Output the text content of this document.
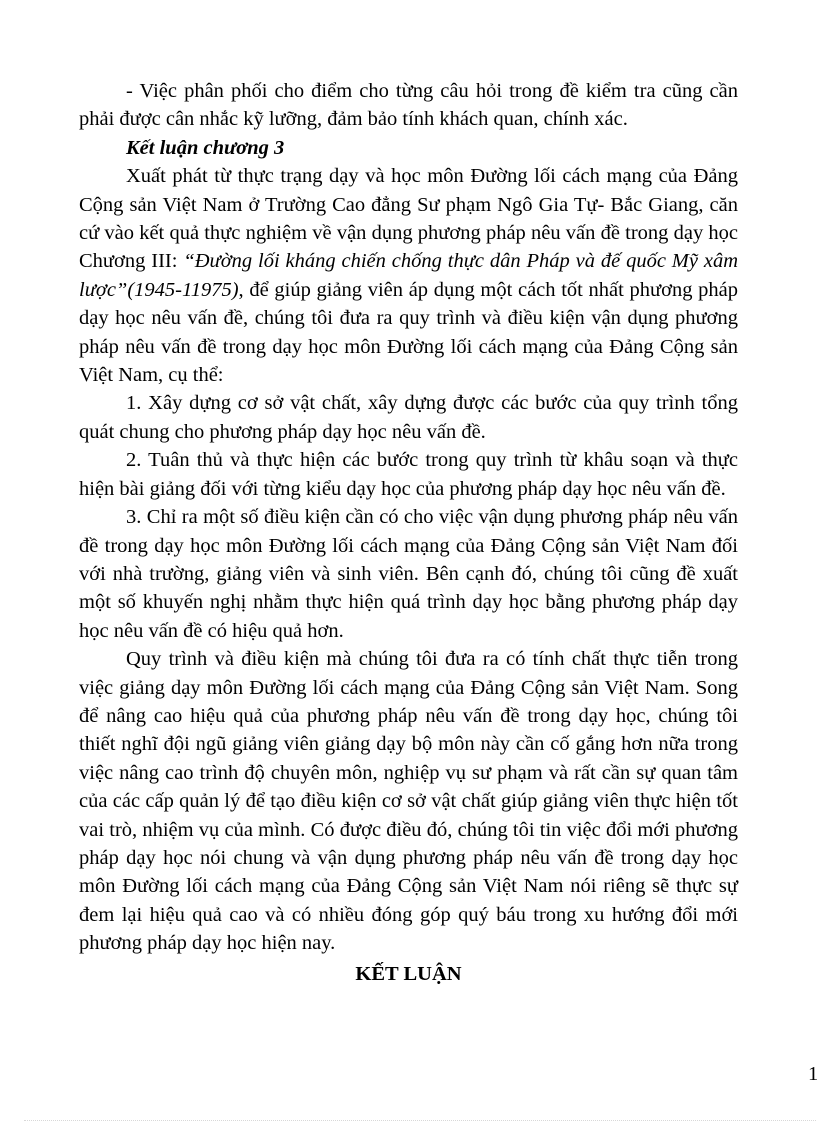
- Việc phân phối cho điểm cho từng câu hỏi trong đề kiểm tra cũng cần phải được cân nhắc kỹ lưỡng, đảm bảo tính khách quan, chính xác.

Kết luận chương 3

Xuất phát từ thực trạng dạy và học môn Đường lối cách mạng của Đảng Cộng sản Việt Nam ở Trường Cao đẳng Sư phạm Ngô Gia Tự- Bắc Giang, căn cứ vào kết quả thực nghiệm về vận dụng phương pháp nêu vấn đề trong dạy học Chương III: “Đường lối kháng chiến chống thực dân Pháp và đế quốc Mỹ xâm lược”(1945-11975), để giúp giảng viên áp dụng một cách tốt nhất phương pháp dạy học nêu vấn đề, chúng tôi đưa ra quy trình và điều kiện vận dụng phương pháp nêu vấn đề trong dạy học môn Đường lối cách mạng của Đảng Cộng sản Việt Nam, cụ thể:

1. Xây dựng cơ sở vật chất, xây dựng được các bước của quy trình tổng quát chung cho phương pháp dạy học nêu vấn đề.

2. Tuân thủ và thực hiện các bước trong quy trình từ khâu soạn và thực hiện bài giảng đối với từng kiểu dạy học của phương pháp dạy học nêu vấn đề.

3. Chỉ ra một số điều kiện cần có cho việc vận dụng phương pháp nêu vấn đề trong dạy học môn Đường lối cách mạng của Đảng Cộng sản Việt Nam đối với nhà trường, giảng viên và sinh viên. Bên cạnh đó, chúng tôi cũng đề xuất một số khuyến nghị nhằm thực hiện quá trình dạy học bằng phương pháp dạy học nêu vấn đề có hiệu quả hơn.

Quy trình và điều kiện mà chúng tôi đưa ra có tính chất thực tiễn trong việc giảng dạy môn Đường lối cách mạng của Đảng Cộng sản Việt Nam. Song để nâng cao hiệu quả của phương pháp nêu vấn đề trong dạy học, chúng tôi thiết nghĩ đội ngũ giảng viên giảng dạy bộ môn này cần cố gắng hơn nữa trong việc nâng cao trình độ chuyên môn, nghiệp vụ sư phạm và rất cần sự quan tâm của các cấp quản lý để tạo điều kiện cơ sở vật chất giúp giảng viên thực hiện tốt vai trò, nhiệm vụ của mình. Có được điều đó, chúng tôi tin việc đổi mới phương pháp dạy học nói chung và vận dụng phương pháp nêu vấn đề trong dạy học môn Đường lối cách mạng của Đảng Cộng sản Việt Nam nói riêng sẽ thực sự đem lại hiệu quả cao và có nhiều đóng góp quý báu trong xu hướng đổi mới phương pháp dạy học hiện nay.

KẾT LUẬN

1
